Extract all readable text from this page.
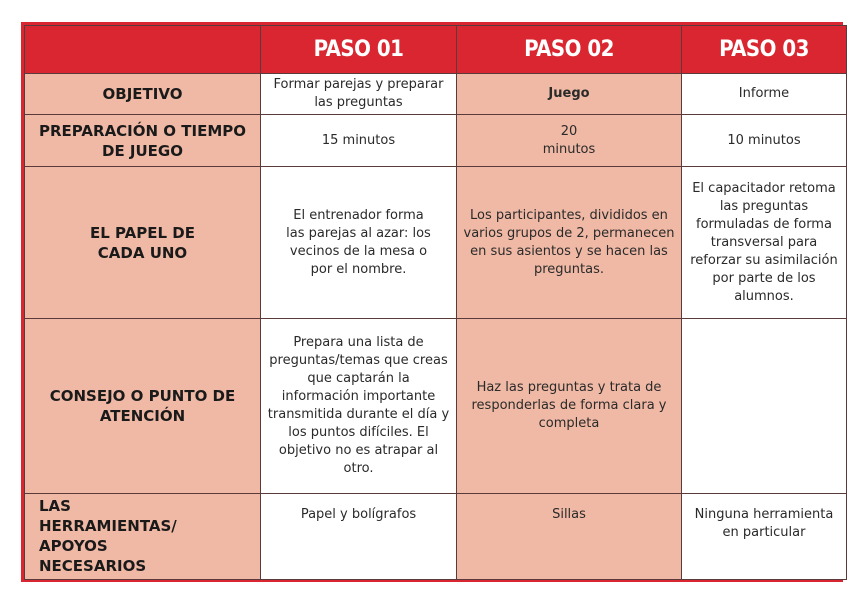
	PASO 01	PASO 02	PASO 03
OBJETIVO	Formar parejas y preparar las preguntas	Juego	Informe
PREPARACIÓN O TIEMPO DE JUEGO	15 minutos	20 minutos	10 minutos
EL PAPEL DE CADA UNO	El entrenador forma las parejas al azar: los vecinos de la mesa o por el nombre.	Los participantes, divididos en varios grupos de 2, permanecen en sus asientos y se hacen las preguntas.	El capacitador retoma las preguntas formuladas de forma transversal para reforzar su asimilación por parte de los alumnos.
CONSEJO O PUNTO DE ATENCIÓN	Prepara una lista de preguntas/temas que creas que captarán la información importante transmitida durante el día y los puntos difíciles. El objetivo no es atrapar al otro.	Haz las preguntas y trata de responderlas de forma clara y completa	
LAS HERRAMIENTAS/ APOYOS NECESARIOS	Papel y bolígrafos	Sillas	Ninguna herramienta en particular
